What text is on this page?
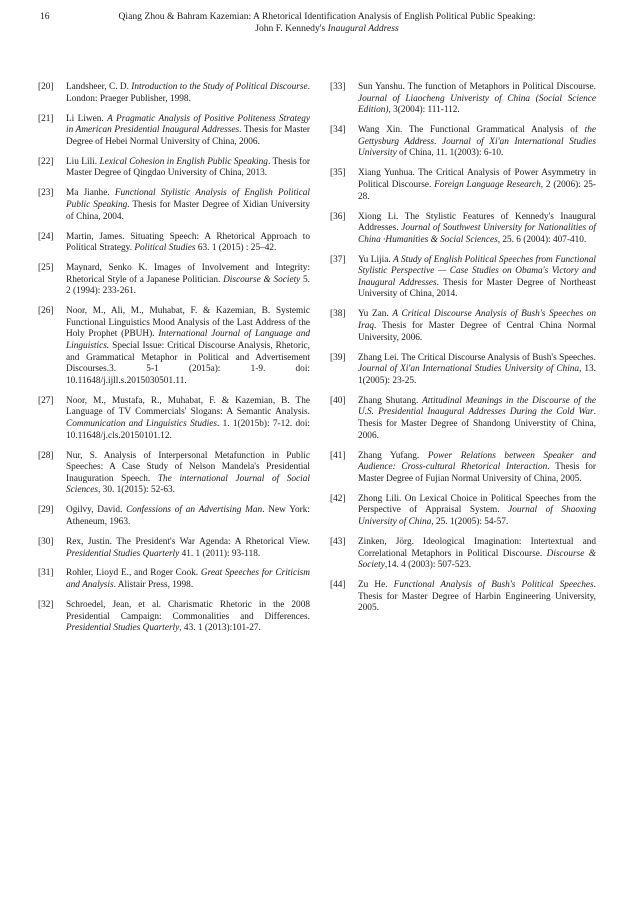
16	Qiang Zhou & Bahram Kazemian: A Rhetorical Identification Analysis of English Political Public Speaking:
John F. Kennedy's Inaugural Address
[20] Landsheer, C. D. Introduction to the Study of Political Discourse. London: Praeger Publisher, 1998.
[21] Li Liwen. A Pragmatic Analysis of Positive Politeness Strategy in American Presidential Inaugural Addresses. Thesis for Master Degree of Hebei Normal University of China, 2006.
[22] Liu Lili. Lexical Cohesion in English Public Speaking. Thesis for Master Degree of Qingdao University of China, 2013.
[23] Ma Jianhe. Functional Stylistic Analysis of English Political Public Speaking. Thesis for Master Degree of Xidian University of China, 2004.
[24] Martin, James. Situating Speech: A Rhetorical Approach to Political Strategy. Political Studies 63. 1 (2015) : 25–42.
[25] Maynard, Senko K. Images of Involvement and Integrity: Rhetorical Style of a Japanese Politician. Discourse & Society 5. 2 (1994): 233-261.
[26] Noor, M., Ali, M., Muhabat, F. & Kazemian, B. Systemic Functional Linguistics Mood Analysis of the Last Address of the Holy Prophet (PBUH). International Journal of Language and Linguistics. Special Issue: Critical Discourse Analysis, Rhetoric, and Grammatical Metaphor in Political and Advertisement Discourses.3. 5-1 (2015a): 1-9. doi: 10.11648/j.ijll.s.2015030501.11.
[27] Noor, M., Mustafa, R., Muhabat, F. & Kazemian, B. The Language of TV Commercials' Slogans: A Semantic Analysis. Communication and Linguistics Studies. 1. 1(2015b): 7-12. doi: 10.11648/j.cls.20150101.12.
[28] Nur, S. Analysis of Interpersonal Metafunction in Public Speeches: A Case Study of Nelson Mandela's Presidential Inauguration Speech. The international Journal of Social Sciences, 30. 1(2015): 52-63.
[29] Ogilvy, David. Confessions of an Advertising Man. New York: Atheneum, 1963.
[30] Rex, Justin. The President's War Agenda: A Rhetorical View. Presidential Studies Quarterly 41. 1 (2011): 93-118.
[31] Rohler, Lioyd E., and Roger Cook. Great Speeches for Criticism and Analysis. Alistair Press, 1998.
[32] Schroedel, Jean, et al. Charismatic Rhetoric in the 2008 Presidential Campaign: Commonalities and Differences. Presidential Studies Quarterly, 43. 1 (2013):101-27.
[33] Sun Yanshu. The function of Metaphors in Political Discourse. Journal of Liaocheng Univeristy of China (Social Science Edition), 3(2004): 111-112.
[34] Wang Xin. The Functional Grammatical Analysis of the Gettysburg Address. Journal of Xi'an International Studies University of China, 11. 1(2003): 6-10.
[35] Xiang Yunhua. The Critical Analysis of Power Asymmetry in Political Discourse. Foreign Language Research, 2 (2006): 25-28.
[36] Xiong Li. The Stylistic Features of Kennedy's Inaugural Addresses. Journal of Southwest University for Nationalities of China ·Humanities & Social Sciences, 25. 6 (2004): 407-410.
[37] Yu Lijia. A Study of English Political Speeches from Functional Stylistic Perspective — Case Studies on Obama's Victory and Inaugural Addresses. Thesis for Master Degree of Northeast University of China, 2014.
[38] Yu Zan. A Critical Discourse Analysis of Bush's Speeches on Iraq. Thesis for Master Degree of Central China Normal University, 2006.
[39] Zhang Lei. The Critical Discourse Analysis of Bush's Speeches. Journal of Xi'an International Studies University of China, 13. 1(2005): 23-25.
[40] Zhang Shutang. Attitudinal Meanings in the Discourse of the U.S. Presidential Inaugural Addresses During the Cold War. Thesis for Master Degree of Shandong Universtity of China, 2006.
[41] Zhang Yufang. Power Relations between Speaker and Audience: Cross-cultural Rhetorical Interaction. Thesis for Master Degree of Fujian Normal University of China, 2005.
[42] Zhong Lili. On Lexical Choice in Political Speeches from the Perspective of Appraisal System. Journal of Shaoxing University of China, 25. 1(2005): 54-57.
[43] Zinken, Jörg. Ideological Imagination: Intertextual and Correlational Metaphors in Political Discourse. Discourse & Society,14. 4 (2003): 507-523.
[44] Zu He. Functional Analysis of Bush's Political Speeches. Thesis for Master Degree of Harbin Engineering University, 2005.
